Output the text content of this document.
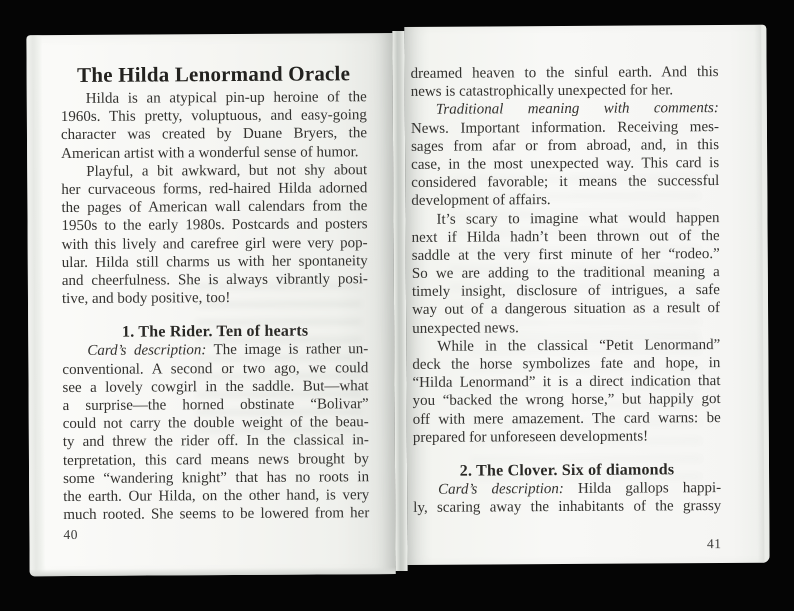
The Hilda Lenormand Oracle
Hilda is an atypical pin-up heroine of the
1960s. This pretty, voluptuous, and easy-going
character was created by Duane Bryers, the
American artist with a wonderful sense of humor.
Playful, a bit awkward, but not shy about
her curvaceous forms, red-haired Hilda adorned
the pages of American wall calendars from the
1950s to the early 1980s. Postcards and posters
with this lively and carefree girl were very pop-
ular. Hilda still charms us with her spontaneity
and cheerfulness. She is always vibrantly posi-
tive, and body positive, too!
1. The Rider. Ten of hearts
Card’s description: The image is rather un-
conventional. A second or two ago, we could
see a lovely cowgirl in the saddle. But—what
a surprise—the horned obstinate “Bolivar”
could not carry the double weight of the beau-
ty and threw the rider off. In the classical in-
terpretation, this card means news brought by
some “wandering knight” that has no roots in
the earth. Our Hilda, on the other hand, is very
much rooted. She seems to be lowered from her
40
dreamed heaven to the sinful earth. And this
news is catastrophically unexpected for her.
Traditional meaning with comments:
News. Important information. Receiving mes-
sages from afar or from abroad, and, in this
case, in the most unexpected way. This card is
considered favorable; it means the successful
development of affairs.
It’s scary to imagine what would happen
next if Hilda hadn’t been thrown out of the
saddle at the very first minute of her “rodeo.”
So we are adding to the traditional meaning a
timely insight, disclosure of intrigues, a safe
way out of a dangerous situation as a result of
unexpected news.
While in the classical “Petit Lenormand”
deck the horse symbolizes fate and hope, in
“Hilda Lenormand” it is a direct indication that
you “backed the wrong horse,” but happily got
off with mere amazement. The card warns: be
prepared for unforeseen developments!
2. The Clover. Six of diamonds
Card’s description: Hilda gallops happi-
ly, scaring away the inhabitants of the grassy
41
